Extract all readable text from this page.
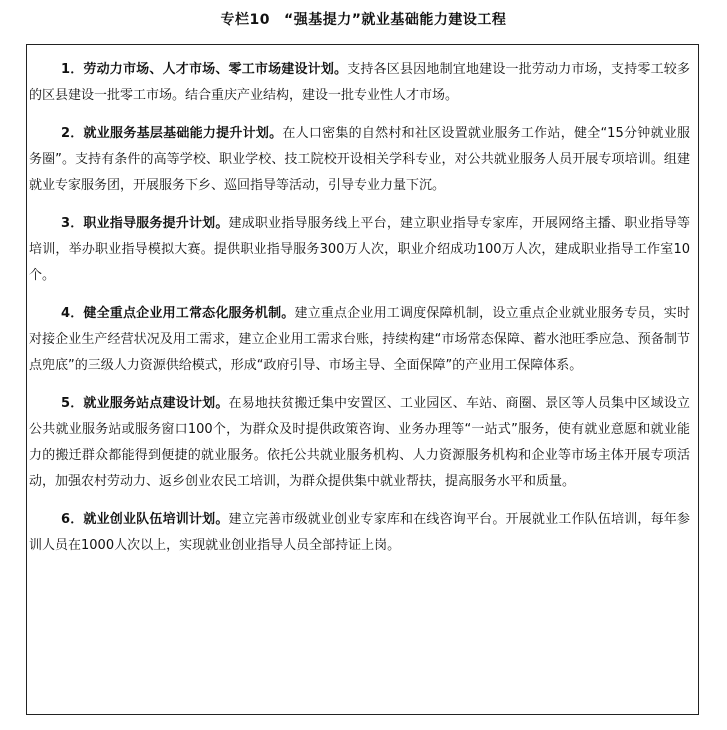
专栏10 “强基提力”就业基础能力建设工程

1．劳动力市场、人才市场、零工市场建设计划。支持各区县因地制宜地建设一批劳动力市场，支持零工较多的区县建设一批零工市场。结合重庆产业结构，建设一批专业性人才市场。

2．就业服务基层基础能力提升计划。在人口密集的自然村和社区设置就业服务工作站，健全“15分钟就业服务圈”。支持有条件的高等学校、职业学校、技工院校开设相关学科专业，对公共就业服务人员开展专项培训。组建就业专家服务团，开展服务下乡、巡回指导等活动，引导专业力量下沉。

3．职业指导服务提升计划。建成职业指导服务线上平台，建立职业指导专家库，开展网络主播、职业指导等培训，举办职业指导模拟大赛。提供职业指导服务300万人次，职业介绍成功100万人次，建成职业指导工作室10个。

4．健全重点企业用工常态化服务机制。建立重点企业用工调度保障机制，设立重点企业就业服务专员，实时对接企业生产经营状况及用工需求，建立企业用工需求台账，持续构建“市场常态保障、蓄水池旺季应急、预备制节点兜底”的三级人力资源供给模式，形成“政府引导、市场主导、全面保障”的产业用工保障体系。

5．就业服务站点建设计划。在易地扶贫搬迁集中安置区、工业园区、车站、商圈、景区等人员集中区域设立公共就业服务站或服务窗口100个，为群众及时提供政策咨询、业务办理等“一站式”服务，使有就业意愿和就业能力的搬迁群众都能得到便捷的就业服务。依托公共就业服务机构、人力资源服务机构和企业等市场主体开展专项活动，加强农村劳动力、返乡创业农民工培训，为群众提供集中就业帮扶，提高服务水平和质量。

6．就业创业队伍培训计划。建立完善市级就业创业专家库和在线咨询平台。开展就业工作队伍培训，每年参训人员在1000人次以上，实现就业创业指导人员全部持证上岗。
